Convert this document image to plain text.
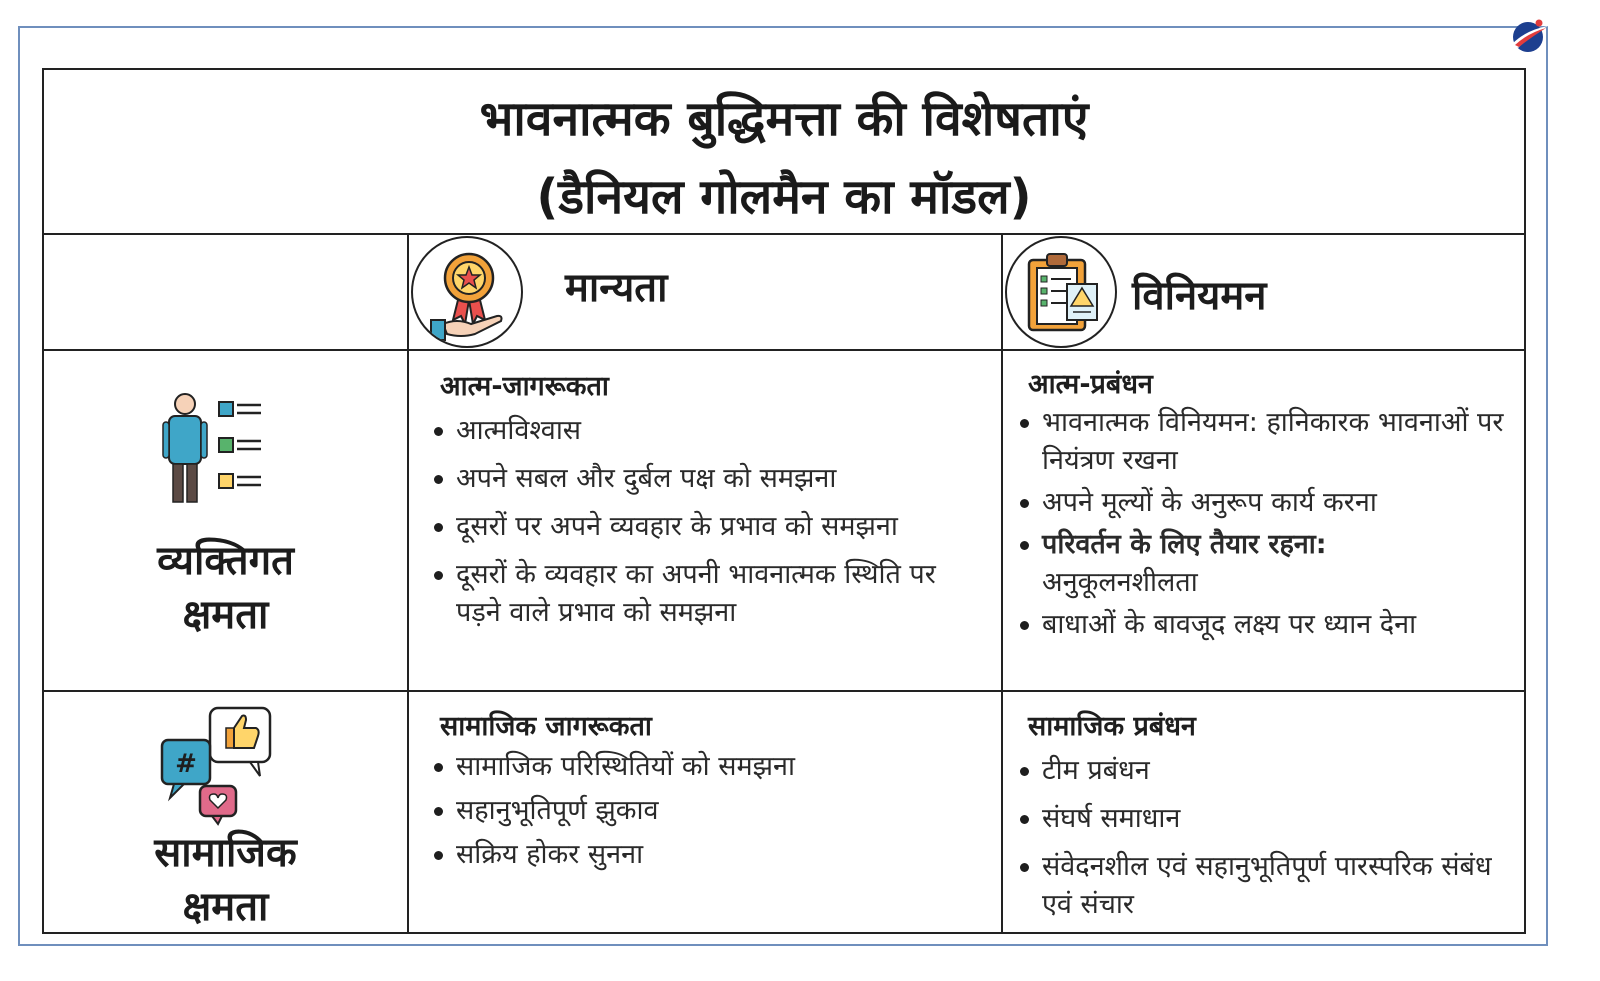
भावनात्मक बुद्धिमत्ता की विशेषताएं
(डैनियल गोलमैन का मॉडल)
मान्यता	विनियमन
व्यक्तिगत
क्षमता
आत्म-जागरूकता
आत्मविश्वास
अपने सबल और दुर्बल पक्ष को समझना
दूसरों पर अपने व्यवहार के प्रभाव को समझना
दूसरों के व्यवहार का अपनी भावनात्मक स्थिति पर पड़ने वाले प्रभाव को समझना
आत्म-प्रबंधन
भावनात्मक विनियमन: हानिकारक भावनाओं पर नियंत्रण रखना
अपने मूल्यों के अनुरूप कार्य करना
परिवर्तन के लिए तैयार रहना:
अनुकूलनशीलता
बाधाओं के बावजूद लक्ष्य पर ध्यान देना
#
सामाजिक
क्षमता
सामाजिक जागरूकता
सामाजिक परिस्थितियों को समझना
सहानुभूतिपूर्ण झुकाव
सक्रिय होकर सुनना
सामाजिक प्रबंधन
टीम प्रबंधन
संघर्ष समाधान
संवेदनशील एवं सहानुभूतिपूर्ण पारस्परिक संबंध एवं संचार
